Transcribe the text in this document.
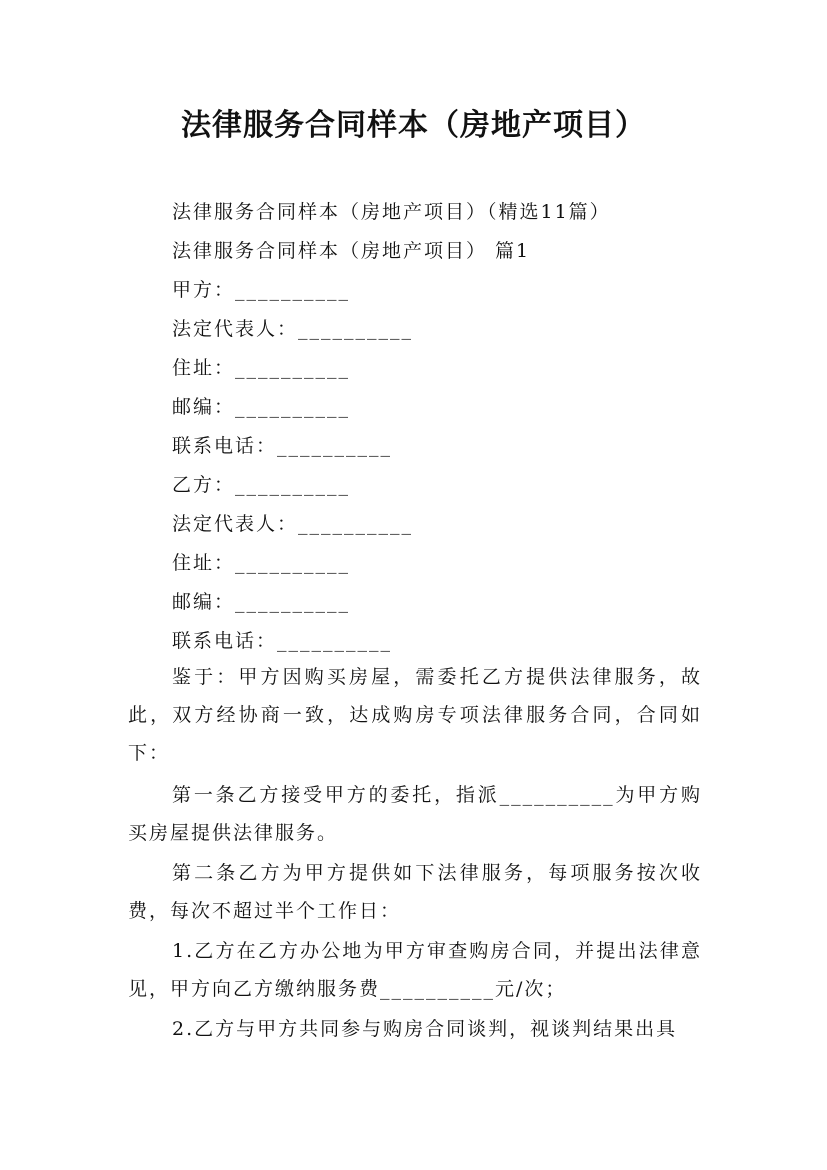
法律服务合同样本（房地产项目）
法律服务合同样本（房地产项目）（精选11篇）
法律服务合同样本（房地产项目） 篇1
甲方：__________
法定代表人：__________
住址：__________
邮编：__________
联系电话：__________
乙方：__________
法定代表人：__________
住址：__________
邮编：__________
联系电话：__________
鉴于：甲方因购买房屋，需委托乙方提供法律服务，故此，双方经协商一致，达成购房专项法律服务合同，合同如下：
第一条乙方接受甲方的委托，指派__________为甲方购买房屋提供法律服务。
第二条乙方为甲方提供如下法律服务，每项服务按次收费，每次不超过半个工作日：
1.乙方在乙方办公地为甲方审查购房合同，并提出法律意见，甲方向乙方缴纳服务费__________元/次；
2.乙方与甲方共同参与购房合同谈判，视谈判结果出具
